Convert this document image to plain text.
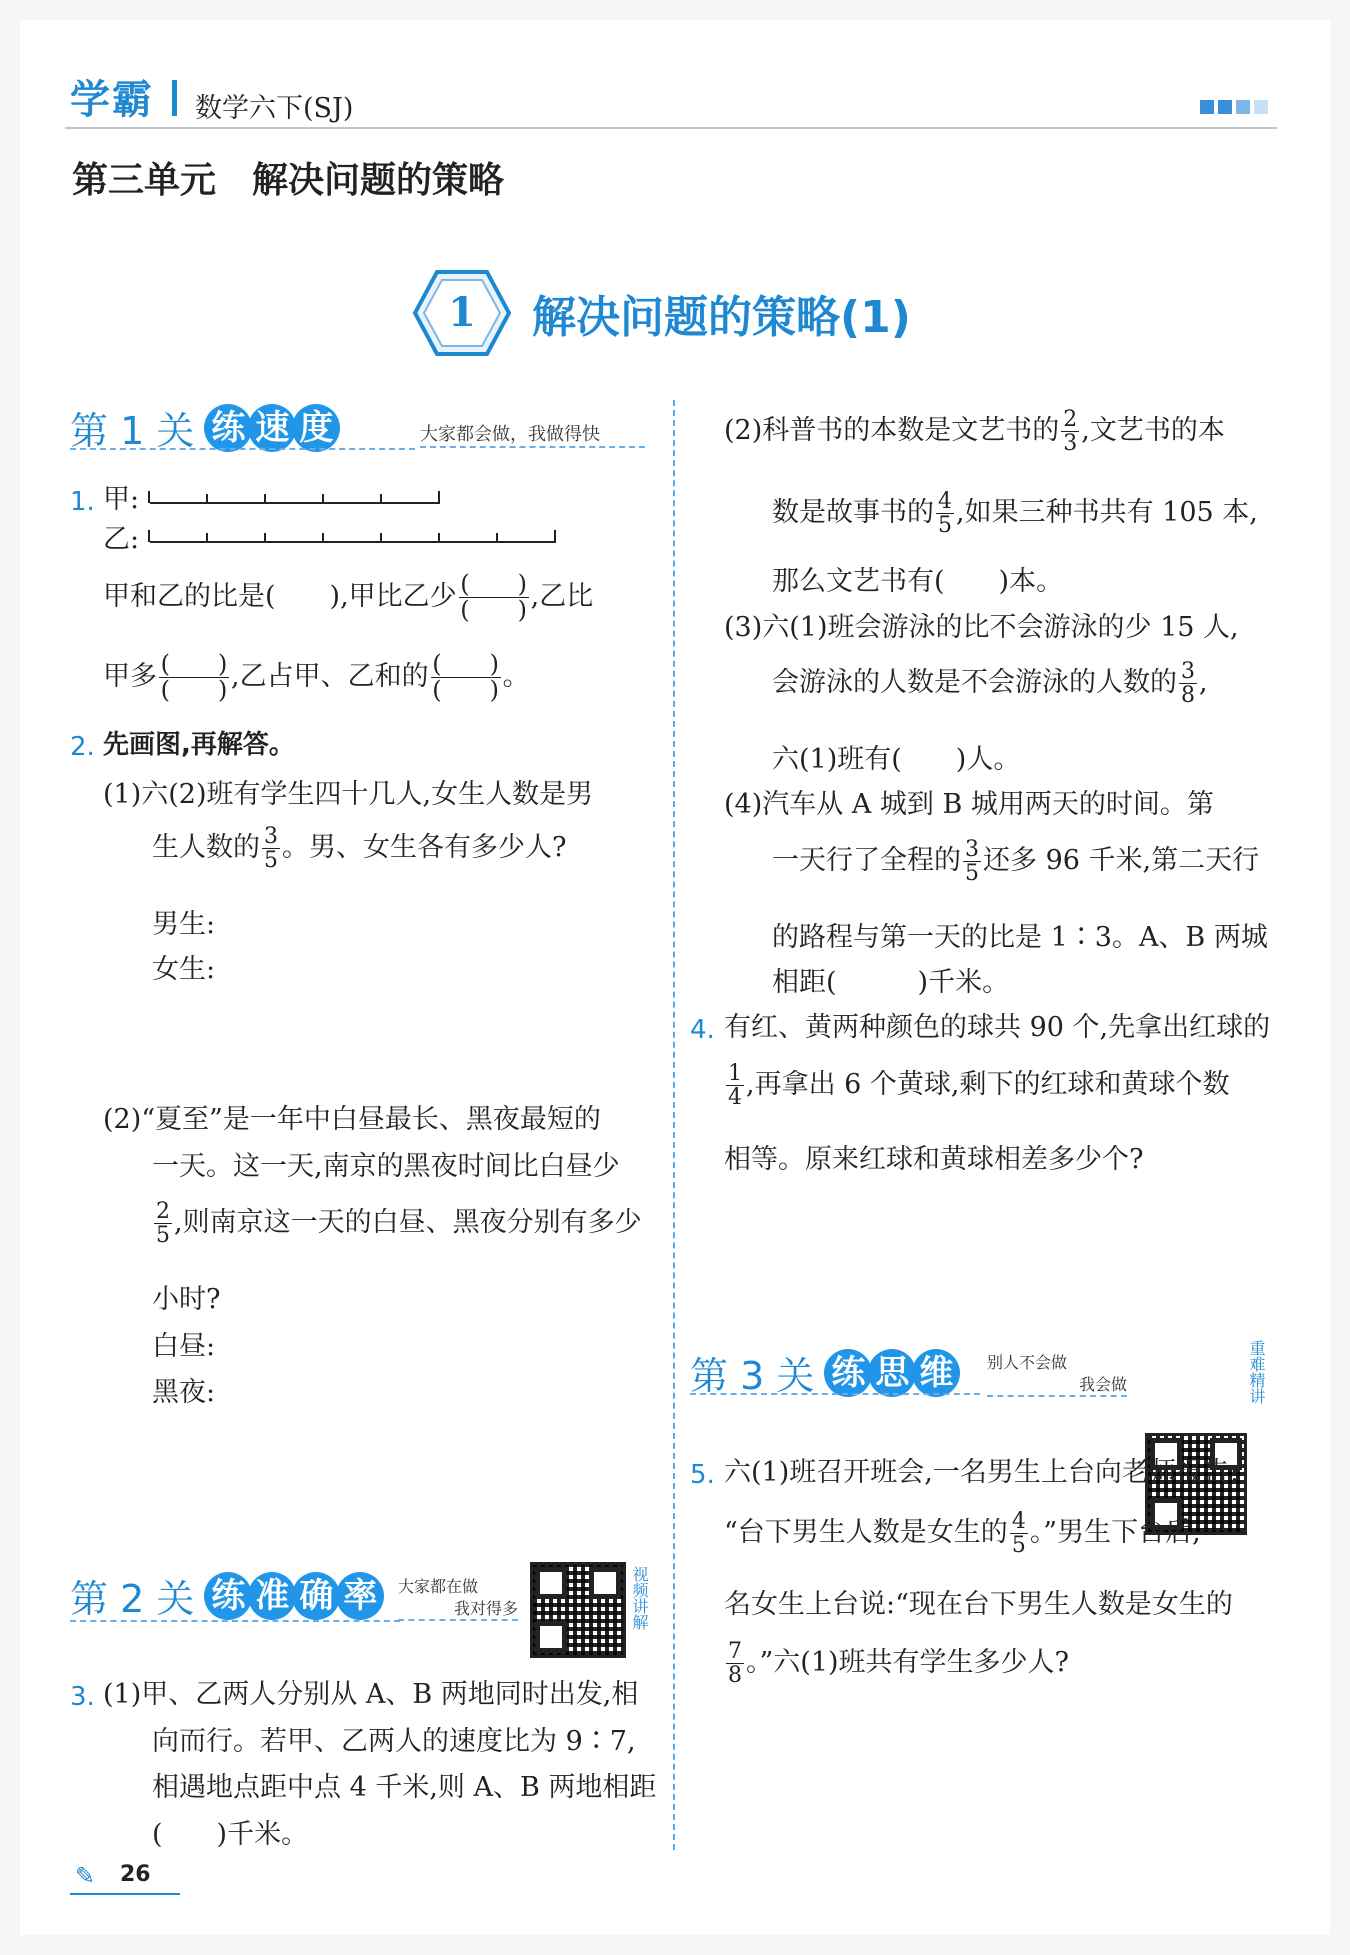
学霸 数学六下(SJ)
第三单元　解决问题的策略
1	解决问题的策略(1)
第 1 关 练 速 度	大家都会做，我做得快
1. 甲:
乙:
甲和乙的比是(　　),甲比乙少 $\frac{( )}{( )}$ ,乙比
甲多 $\frac{( )}{( )}$ ,乙占甲、乙和的 $\frac{( )}{( )}$ 。
2. 先画图,再解答。
(1)六(2)班有学生四十几人,女生人数是男
生人数的 $\frac{3}{5}$ 。男、女生各有多少人?
男生:
女生:
(2)“夏至”是一年中白昼最长、黑夜最短的
一天。这一天,南京的黑夜时间比白昼少
$\frac{2}{5}$ ,则南京这一天的白昼、黑夜分别有多少
小时?
白昼:
黑夜:
第 2 关 练 准 确 率	大家都在做
我对得多	视频讲解
3. (1)甲、乙两人分别从 A、B 两地同时出发,相
向而行。若甲、乙两人的速度比为 9∶7,
相遇地点距中点 4 千米,则 A、B 两地相距
(　　)千米。
✎ 26
(2)科普书的本数是文艺书的 $\frac{2}{3}$ ,文艺书的本
数是故事书的 $\frac{4}{5}$ ,如果三种书共有 105 本,
那么文艺书有(　　)本。
(3)六(1)班会游泳的比不会游泳的少 15 人,
会游泳的人数是不会游泳的人数的 $\frac{3}{8}$ ,
六(1)班有(　　)人。
(4)汽车从 A 城到 B 城用两天的时间。第
一天行了全程的 $\frac{3}{5}$ 还多 96 千米,第二天行
的路程与第一天的比是 1∶3。A、B 两城
相距(　　　)千米。
4. 有红、黄两种颜色的球共 90 个,先拿出红球的
$\frac{1}{4}$ ,再拿出 6 个黄球,剩下的红球和黄球个数
相等。原来红球和黄球相差多少个?
第 3 关 练 思 维	别人不会做
我会做	重难精讲
5. 六(1)班召开班会,一名男生上台向老师报告:
“台下男生人数是女生的 $\frac{4}{5}$ 。”男生下台后,一
名女生上台说:“现在台下男生人数是女生的
$\frac{7}{8}$ 。”六(1)班共有学生多少人?
